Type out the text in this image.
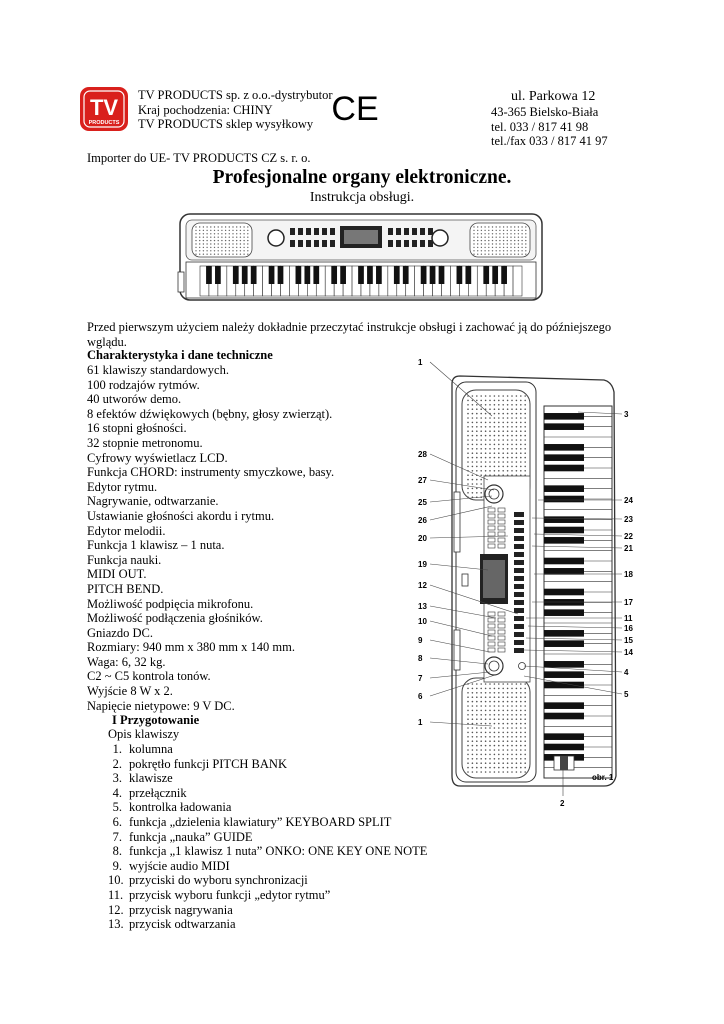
TV
PRODUCTS
TV PRODUCTS sp. z o.o.-dystrybutor
Kraj pochodzenia: CHINY
TV PRODUCTS sklep wysyłkowy CE	ul. Parkowa 12
43-365 Bielsko-Biała
tel. 033 / 817 41 98
tel./fax 033 / 817 41 97
Importer do UE- TV PRODUCTS CZ s. r. o.
Profesjonalne organy elektroniczne.
Instrukcja obsługi.
Przed pierwszym użyciem należy dokładnie przeczytać instrukcje obsługi i zachować ją do późniejszego wglądu.
Charakterystyka i dane techniczne
61 klawiszy standardowych.
100 rodzajów rytmów.
40 utworów demo.
8 efektów dźwiękowych (bębny, głosy zwierząt).
16 stopni głośności.
32 stopnie metronomu.
Cyfrowy wyświetlacz LCD.
Funkcja CHORD: instrumenty smyczkowe, basy.
Edytor rytmu.
Nagrywanie, odtwarzanie.
Ustawianie głośności akordu i rytmu.
Edytor melodii.
Funkcja 1 klawisz – 1 nuta.
Funkcja nauki.
MIDI OUT.
PITCH BEND.
Możliwość podpięcia mikrofonu.
Możliwość podłączenia głośników.
Gniazdo DC.
Rozmiary: 940 mm x 380 mm x 140 mm.
Waga: 6, 32 kg.
C2 ~ C5 kontrola tonów.
Wyjście 8 W x 2.
Napięcie nietypowe: 9 V DC.
I Przygotowanie
Opis klawiszy
1. kolumna
2. pokrętło funkcji PITCH BANK
3. klawisze
4. przełącznik
5. kontrolka ładowania
6. funkcja „dzielenia klawiatury” KEYBOARD SPLIT
7. funkcja „nauka” GUIDE
8. funkcja „1 klawisz 1 nuta” ONKO: ONE KEY ONE NOTE
9. wyjście audio MIDI
10. przyciski do wyboru synchronizacji
11. przycisk wyboru funkcji „edytor rytmu”
12. przycisk nagrywania
13. przycisk odtwarzania
1
28
27
25
26
20
19
12
13
10
9
8
7
6
1
3
24
23
22
21
18
17
11
16
15
14
4
5
2
obr. 1
